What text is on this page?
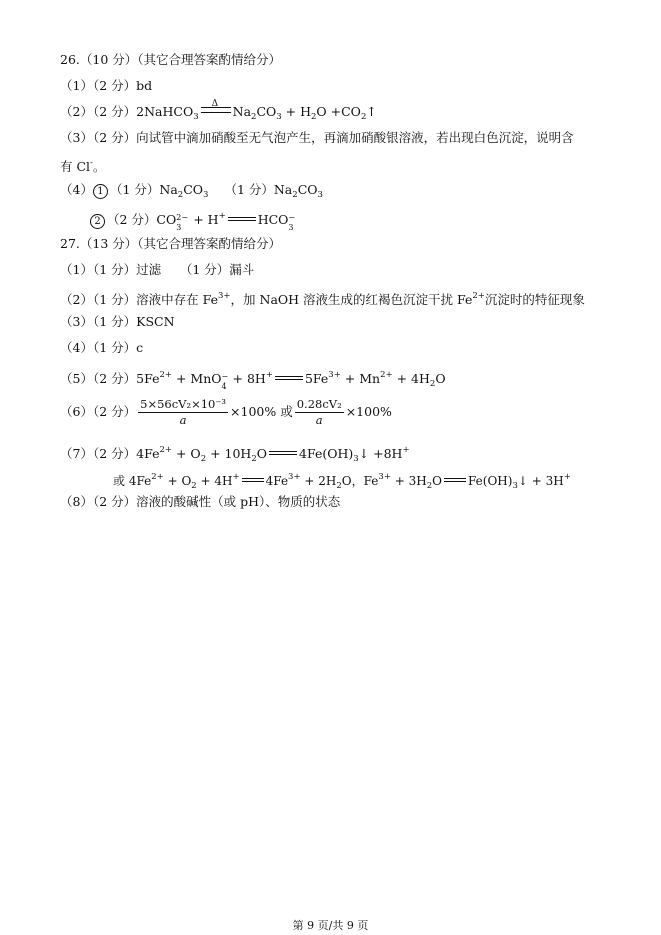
26.（10 分）（其它合理答案酌情给分）
（1）（2 分）bd
（2）（2 分）2NaHCO$_3$
Δ $Na_2CO_3 + H_2O +CO_2$ ↑
（3）（2 分）向试管中滴加硝酸至无气泡产生，再滴加硝酸银溶液，若出现白色沉淀，说明含
有 Cl-。
（4） 1 （1 分）$Na_2CO_3$ （1 分）$Na_2CO_3$
2 （2 分）CO 2−
3
+ H+	HCO −
3
27.（13 分）（其它合理答案酌情给分）
（1）（1 分）过滤　　（1 分）漏斗
（2）（1 分）溶液中存在 $Fe^{3+}$，加 NaOH 溶液生成的红褐色沉淀干扰 $Fe^{2+}$沉淀时的特征现象
（3）（1 分）KSCN
（4）（1 分）c
（5）（2 分）$5Fe^{2+}$ + MnO −
4
+ 8H+	$5Fe^{3+} + Mn^{2+} + 4H_2O$
（6）（2 分） $\frac{\text{5×56cV₂×10⁻³}}{a} \times 100\%$ 或 $\frac{\text{0.28cV₂}}{a} \times 100\%$
（7）（2 分）$4Fe^{2+} + O_2 + 10H_2O$	$4Fe(OH)_3↓ +8H^+$
或 $4Fe^{2+} + O_2 + 4H^+$ $4Fe^{3+} + 2H_2O$，$Fe^{3+} + 3H_2O$ $Fe(OH)_3↓ + 3H^+$
（8）（2 分）溶液的酸碱性（或 pH）、物质的状态
第 9 页/共 9 页
